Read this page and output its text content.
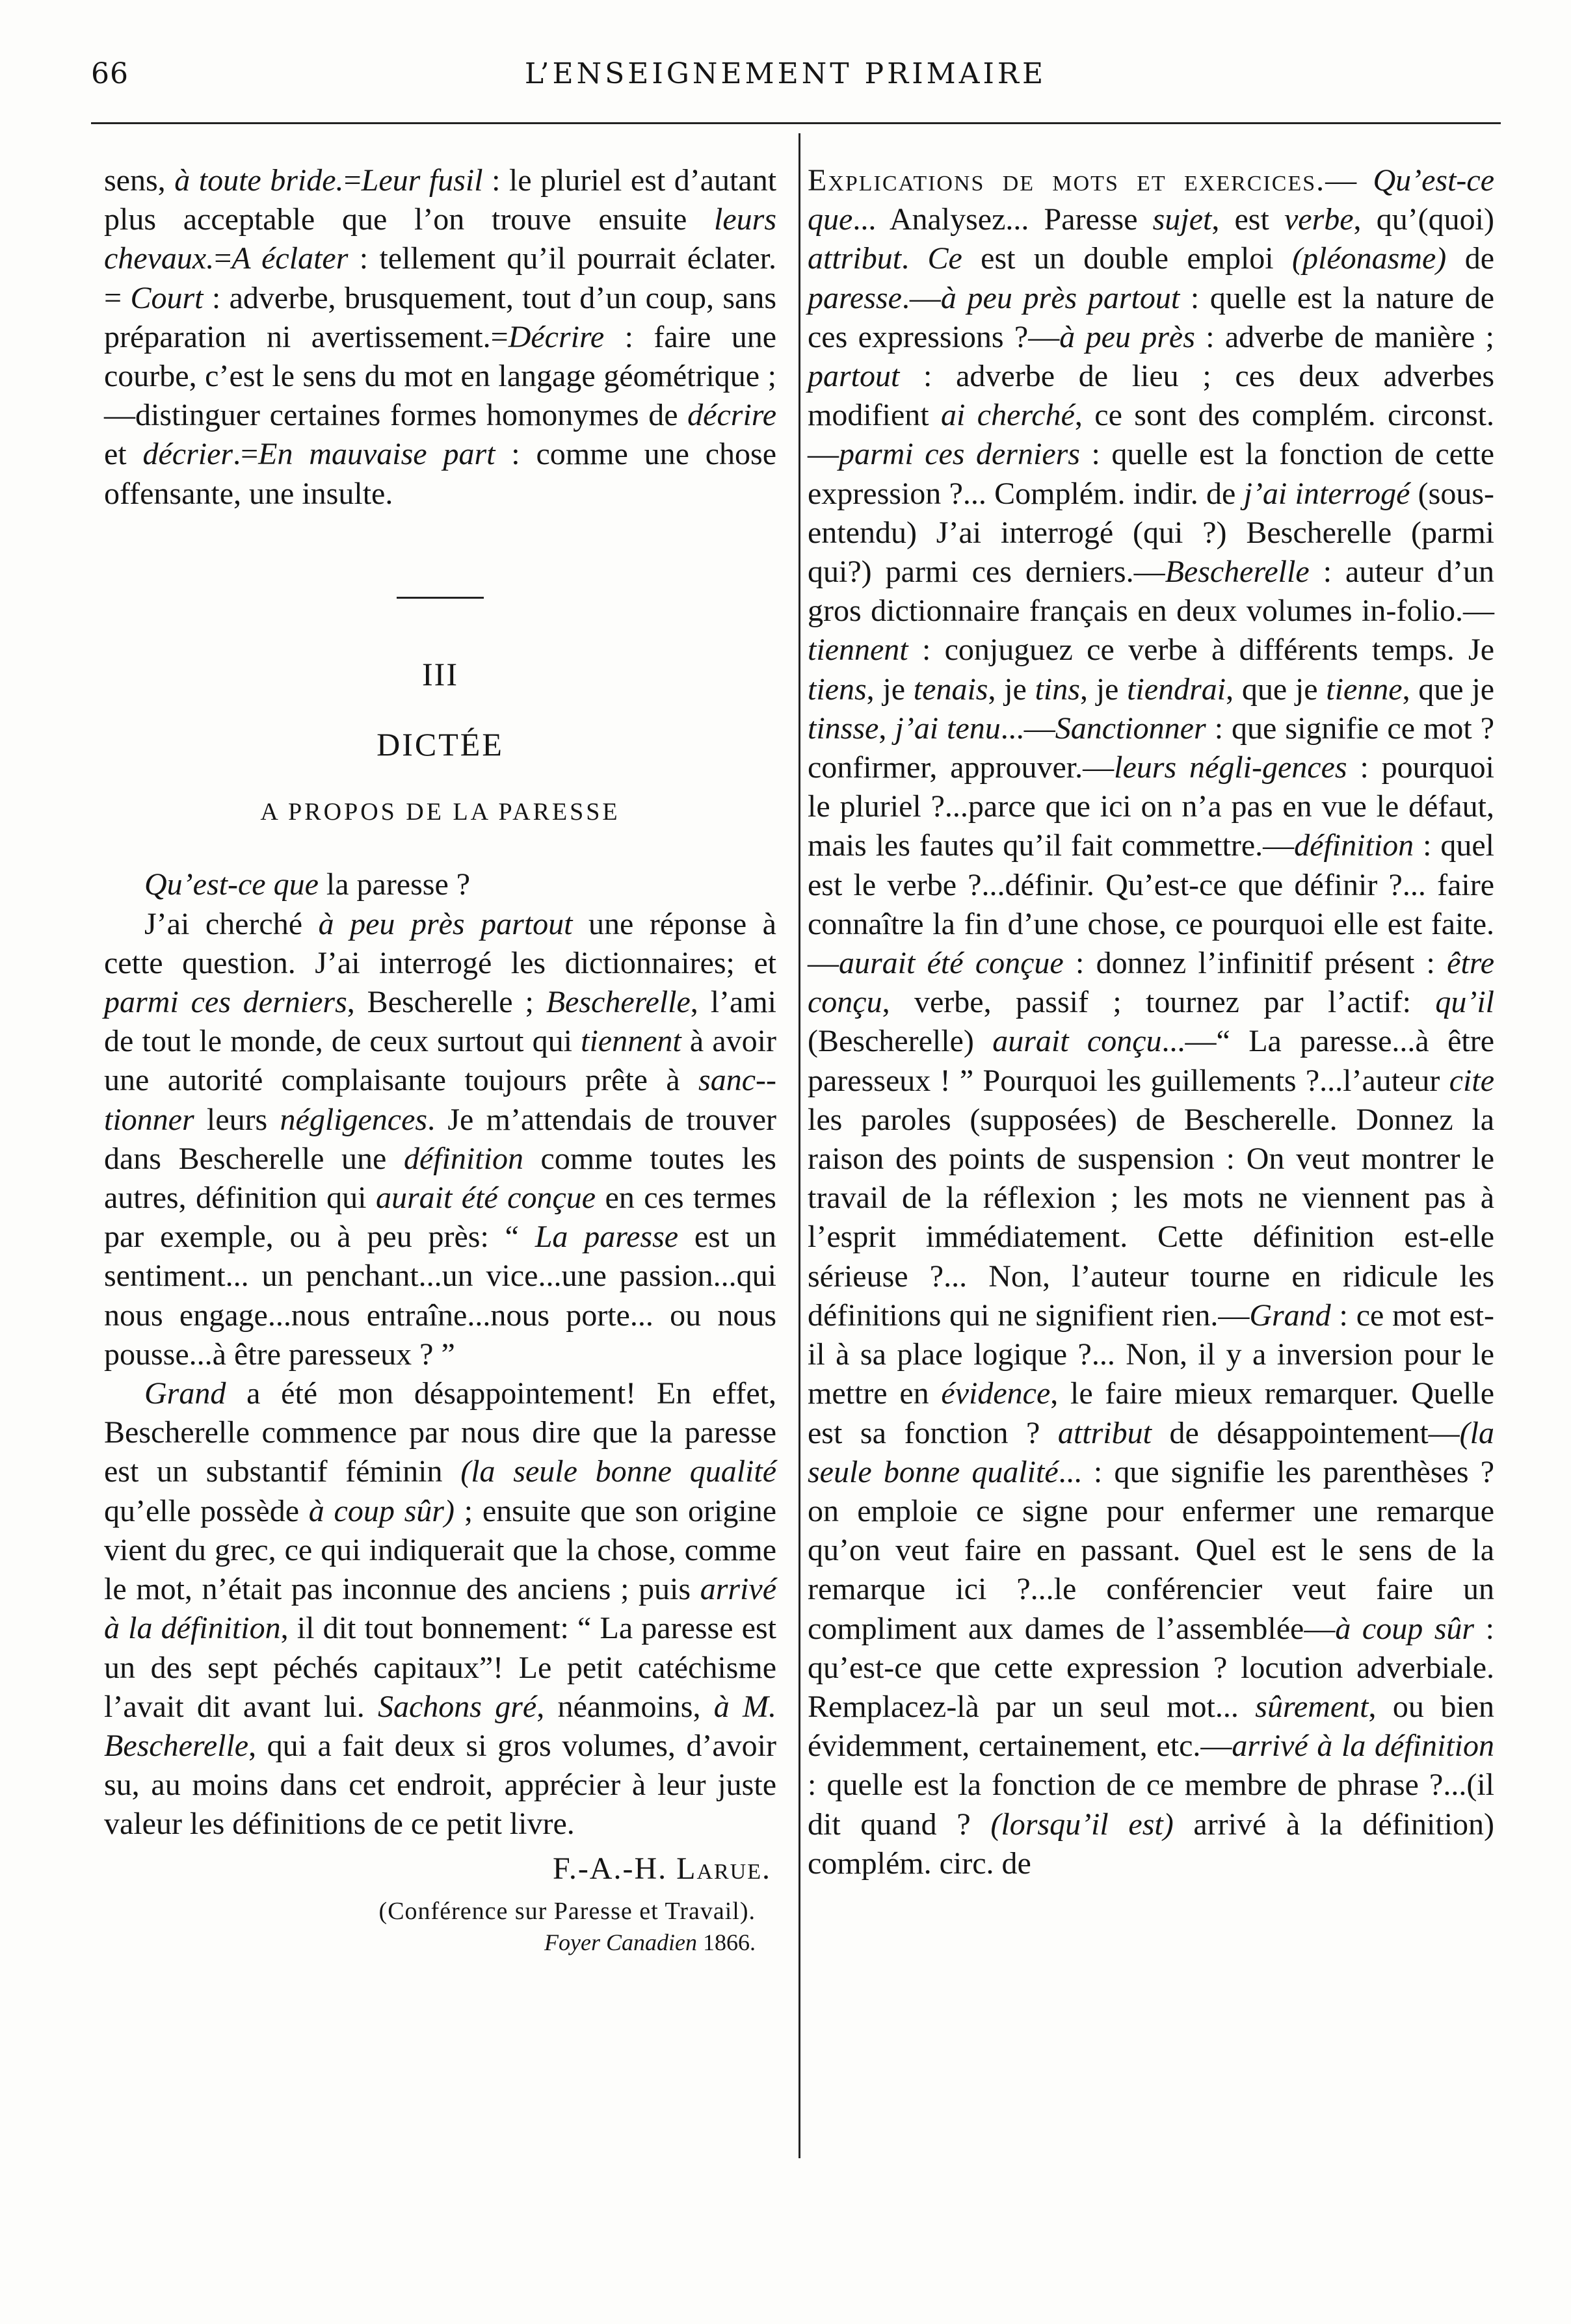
66	L’ENSEIGNEMENT PRIMAIRE

sens, à toute bride.=Leur fusil : le pluriel est d’autant plus acceptable que l’on trouve ensuite leurs chevaux.=A éclater : tellement qu’il pourrait éclater. = Court : adverbe, brusquement, tout d’un coup, sans préparation ni avertissement.=Décrire : faire une courbe, c’est le sens du mot en langage géométrique ;—distinguer certaines formes homonymes de décrire et décrier.=En mauvaise part : comme une chose offensante, une insulte.

III
DICTÉE
A PROPOS DE LA PARESSE

Qu’est-ce que la paresse ?

J’ai cherché à peu près partout une réponse à cette question. J’ai interrogé les dictionnaires; et parmi ces derniers, Bescherelle ; Bescherelle, l’ami de tout le monde, de ceux surtout qui tiennent à avoir une autorité complaisante toujours prête à sanc-tionner leurs négligences. Je m’attendais de trouver dans Bescherelle une définition comme toutes les autres, définition qui aurait été conçue en ces termes par exemple, ou à peu près: “ La paresse est un sentiment... un penchant...un vice...une passion...qui nous engage...nous entraîne...nous porte... ou nous pousse...à être paresseux ? ”

Grand a été mon désappointement! En effet, Bescherelle commence par nous dire que la paresse est un substantif féminin (la seule bonne qualité qu’elle possède à coup sûr) ; ensuite que son origine vient du grec, ce qui indiquerait que la chose, comme le mot, n’était pas inconnue des anciens ; puis arrivé à la définition, il dit tout bonnement: “ La paresse est un des sept péchés capitaux”! Le petit catéchisme l’avait dit avant lui. Sachons gré, néanmoins, à M. Bescherelle, qui a fait deux si gros volumes, d’avoir su, au moins dans cet endroit, apprécier à leur juste valeur les définitions de ce petit livre.

F.-A.-H. Larue.
(Conférence sur Paresse et Travail).
Foyer Canadien 1866.

Explications de mots et exercices.— Qu’est-ce que... Analysez... Paresse sujet, est verbe, qu’(quoi) attribut. Ce est un double emploi (pléonasme) de paresse.—à peu près partout : quelle est la nature de ces expressions ?—à peu près : adverbe de manière ; partout : adverbe de lieu ; ces deux adverbes modifient ai cherché, ce sont des complém. circonst.—parmi ces derniers : quelle est la fonction de cette expression ?... Complém. indir. de j’ai interrogé (sous-entendu) J’ai interrogé (qui ?) Bescherelle (parmi qui?) parmi ces derniers.—Bescherelle : auteur d’un gros dictionnaire français en deux volumes in-folio.—tiennent : conjuguez ce verbe à différents temps. Je tiens, je tenais, je tins, je tiendrai, que je tienne, que je tinsse, j’ai tenu...—Sanctionner : que signifie ce mot ? confirmer, approuver.—leurs négli-gences : pourquoi le pluriel ?...parce que ici on n’a pas en vue le défaut, mais les fautes qu’il fait commettre.—définition : quel est le verbe ?...définir. Qu’est-ce que définir ?... faire connaître la fin d’une chose, ce pourquoi elle est faite.—aurait été conçue : donnez l’infinitif présent : être conçu, verbe, passif ; tournez par l’actif: qu’il (Bescherelle) aurait conçu...—“ La paresse...à être paresseux ! ” Pourquoi les guillements ?...l’auteur cite les paroles (supposées) de Bescherelle. Donnez la raison des points de suspension : On veut montrer le travail de la réflexion ; les mots ne viennent pas à l’esprit immédiatement. Cette définition est-elle sérieuse ?... Non, l’auteur tourne en ridicule les définitions qui ne signifient rien.—Grand : ce mot est-il à sa place logique ?... Non, il y a inversion pour le mettre en évidence, le faire mieux remarquer. Quelle est sa fonction ? attribut de désappointement—(la seule bonne qualité... : que signifie les parenthèses ? on emploie ce signe pour enfermer une remarque qu’on veut faire en passant. Quel est le sens de la remarque ici ?...le conférencier veut faire un compliment aux dames de l’assemblée—à coup sûr : qu’est-ce que cette expression ? locution adverbiale. Remplacez-là par un seul mot... sûrement, ou bien évidemment, certainement, etc.—arrivé à la définition : quelle est la fonction de ce membre de phrase ?...(il dit quand ? (lorsqu’il est) arrivé à la définition) complém. circ. de
